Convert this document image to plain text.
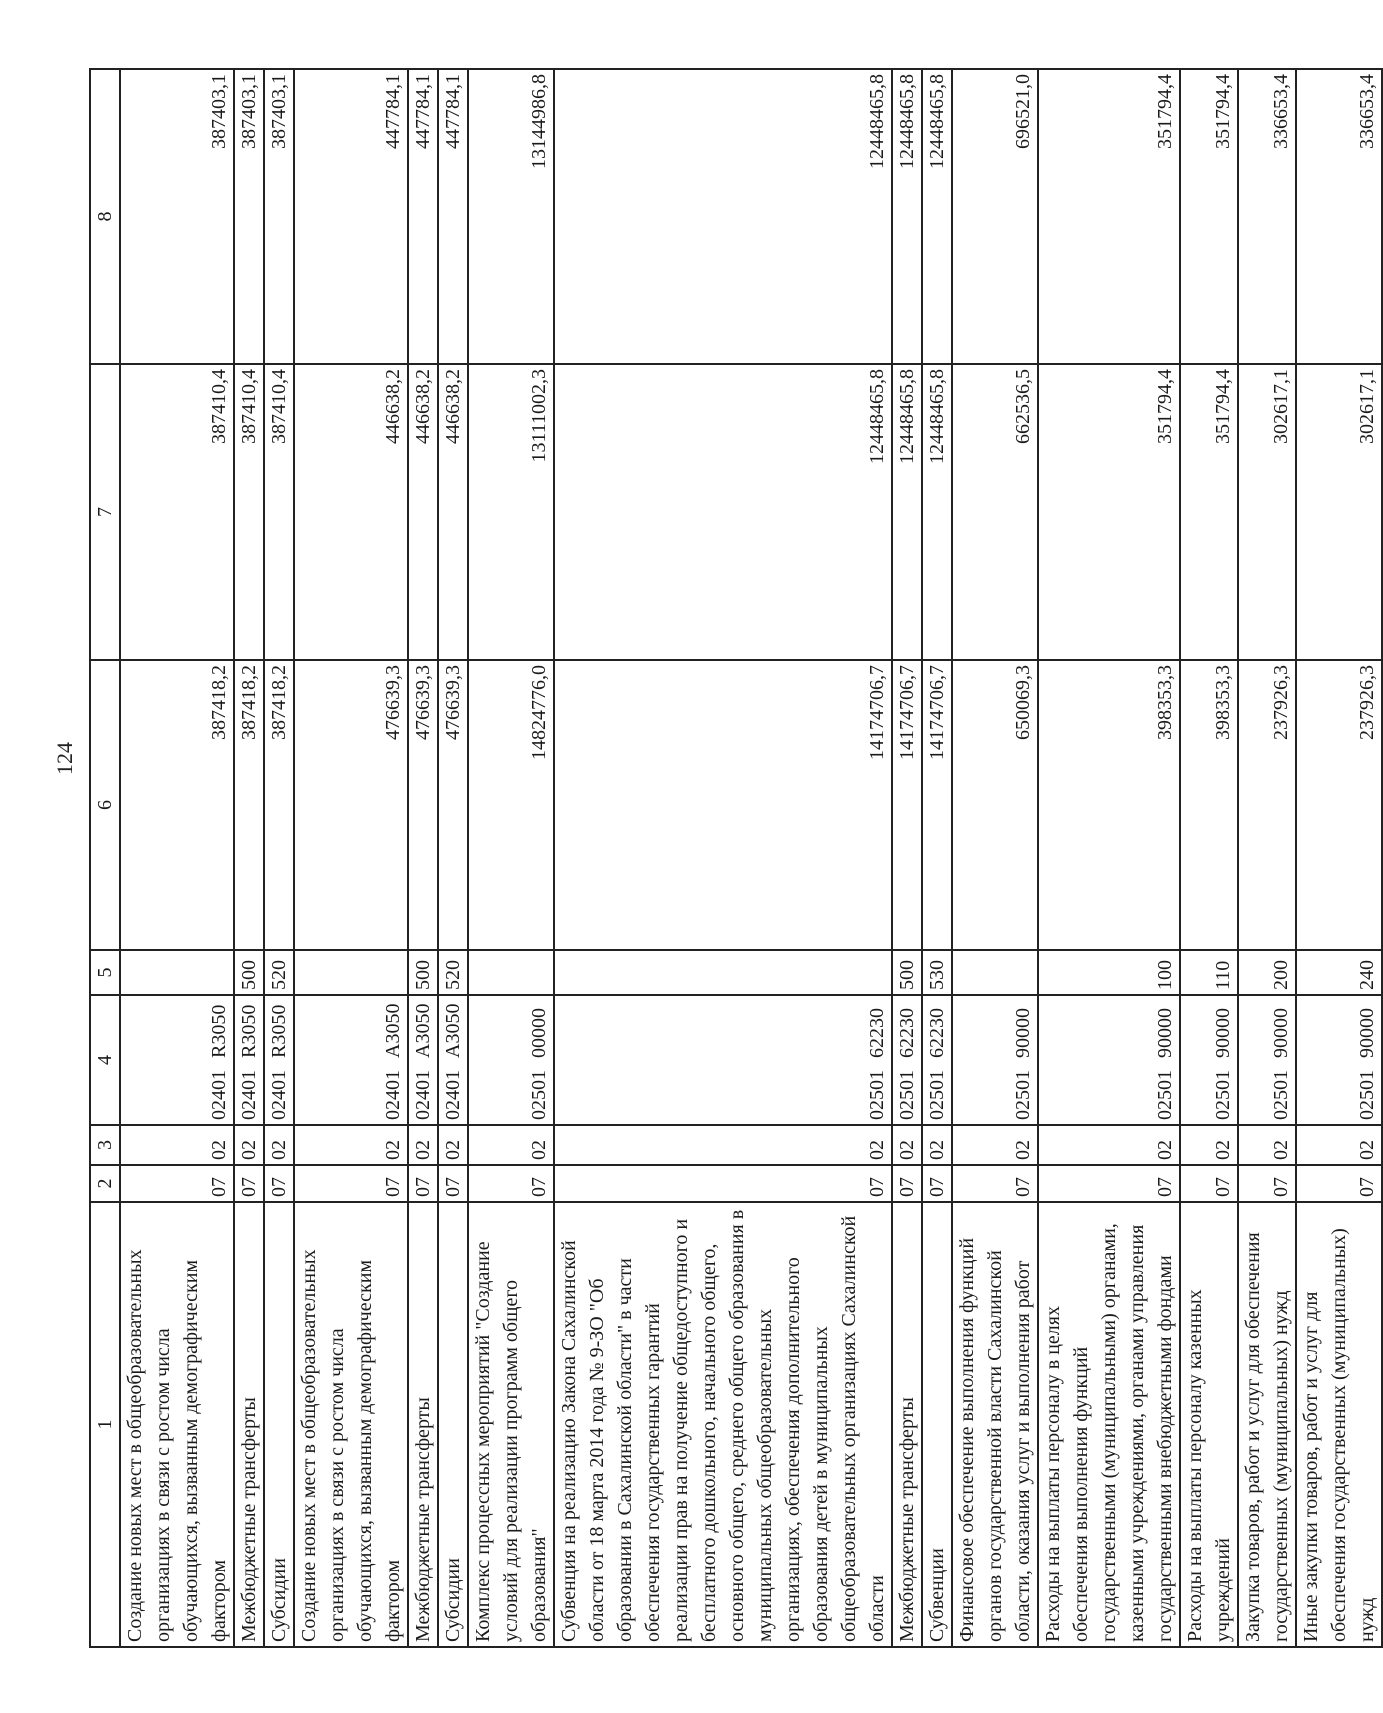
124
1	2	3	4	5	6	7	8
Создание новых мест в общеобразовательных организациях в связи с ростом числа обучающихся, вызванным демографическим фактором	07	02	02401R3050		387418,2	387410,4	387403,1
Межбюджетные трансферты	07	02	02401R3050	500	387418,2	387410,4	387403,1
Субсидии	07	02	02401R3050	520	387418,2	387410,4	387403,1
Создание новых мест в общеобразовательных организациях в связи с ростом числа обучающихся, вызванным демографическим фактором	07	02	02401A3050		476639,3	446638,2	447784,1
Межбюджетные трансферты	07	02	02401A3050	500	476639,3	446638,2	447784,1
Субсидии	07	02	02401A3050	520	476639,3	446638,2	447784,1
Комплекс процессных мероприятий "Создание условий для реализации программ общего образования"	07	02	0250100000		14824776,0	13111002,3	13144986,8
Субвенция на реализацию Закона Сахалинской области от 18 марта 2014 года № 9-ЗО "Об образовании в Сахалинской области" в части обеспечения государственных гарантий реализации прав на получение общедоступного и бесплатного дошкольного, начального общего, основного общего, среднего общего образования в муниципальных общеобразовательных организациях, обеспечения дополнительного образования детей в муниципальных общеобразовательных организациях Сахалинской области	07	02	0250162230		14174706,7	12448465,8	12448465,8
Межбюджетные трансферты	07	02	0250162230	500	14174706,7	12448465,8	12448465,8
Субвенции	07	02	0250162230	530	14174706,7	12448465,8	12448465,8
Финансовое обеспечение выполнения функций органов государственной власти Сахалинской области, оказания услуг и выполнения работ	07	02	0250190000		650069,3	662536,5	696521,0
Расходы на выплаты персоналу в целях обеспечения выполнения функций государственными (муниципальными) органами, казенными учреждениями, органами управления государственными внебюджетными фондами	07	02	0250190000	100	398353,3	351794,4	351794,4
Расходы на выплаты персоналу казенных учреждений	07	02	0250190000	110	398353,3	351794,4	351794,4
Закупка товаров, работ и услуг для обеспечения государственных (муниципальных) нужд	07	02	0250190000	200	237926,3	302617,1	336653,4
Иные закупки товаров, работ и услуг для обеспечения государственных (муниципальных) нужд	07	02	0250190000	240	237926,3	302617,1	336653,4
